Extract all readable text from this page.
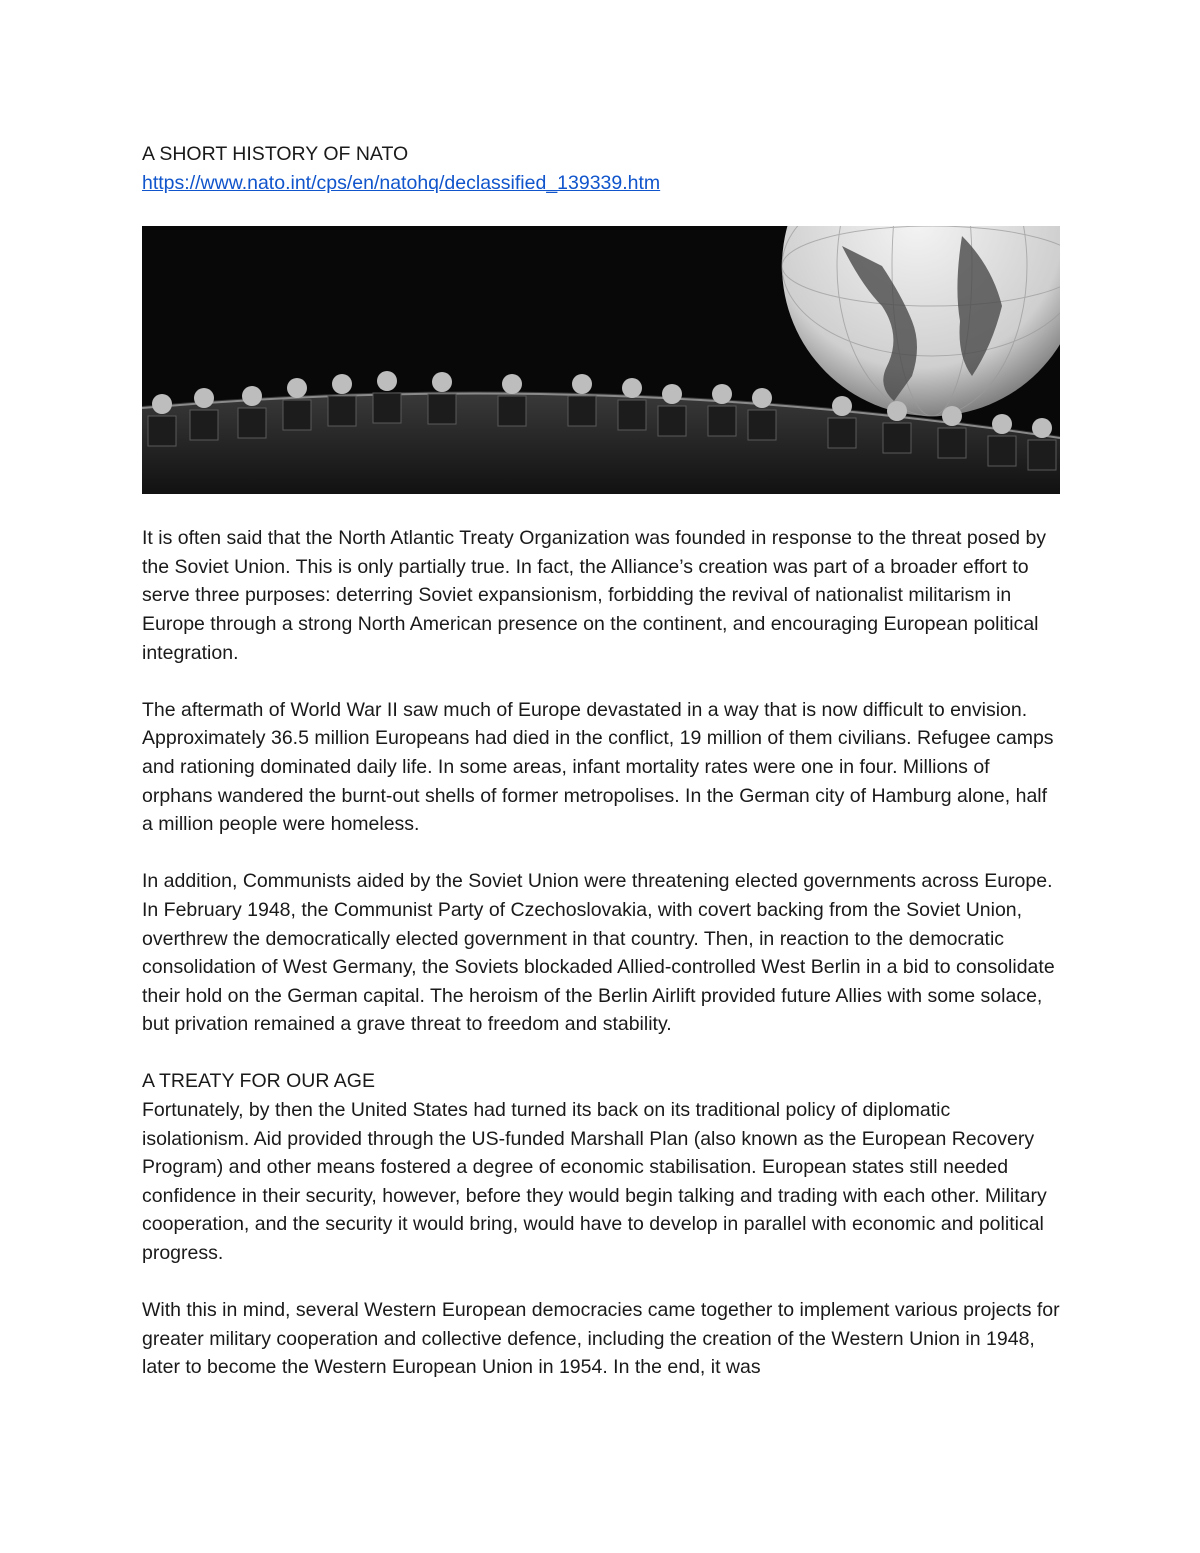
A SHORT HISTORY OF NATO

https://www.nato.int/cps/en/natohq/declassified_139339.htm

It is often said that the North Atlantic Treaty Organization was founded in response to the threat posed by the Soviet Union. This is only partially true. In fact, the Alliance’s creation was part of a broader effort to serve three purposes: deterring Soviet expansionism, forbidding the revival of nationalist militarism in Europe through a strong North American presence on the continent, and encouraging European political integration.

The aftermath of World War II saw much of Europe devastated in a way that is now difficult to envision. Approximately 36.5 million Europeans had died in the conflict, 19 million of them civilians. Refugee camps and rationing dominated daily life. In some areas, infant mortality rates were one in four. Millions of orphans wandered the burnt-out shells of former metropolises. In the German city of Hamburg alone, half a million people were homeless.

In addition, Communists aided by the Soviet Union were threatening elected governments across Europe. In February 1948, the Communist Party of Czechoslovakia, with covert backing from the Soviet Union, overthrew the democratically elected government in that country. Then, in reaction to the democratic consolidation of West Germany, the Soviets blockaded Allied-controlled West Berlin in a bid to consolidate their hold on the German capital. The heroism of the Berlin Airlift provided future Allies with some solace, but privation remained a grave threat to freedom and stability.

A TREATY FOR OUR AGE

Fortunately, by then the United States had turned its back on its traditional policy of diplomatic isolationism. Aid provided through the US-funded Marshall Plan (also known as the European Recovery Program) and other means fostered a degree of economic stabilisation. European states still needed confidence in their security, however, before they would begin talking and trading with each other. Military cooperation, and the security it would bring, would have to develop in parallel with economic and political progress.

With this in mind, several Western European democracies came together to implement various projects for greater military cooperation and collective defence, including the creation of the Western Union in 1948, later to become the Western European Union in 1954. In the end, it was
